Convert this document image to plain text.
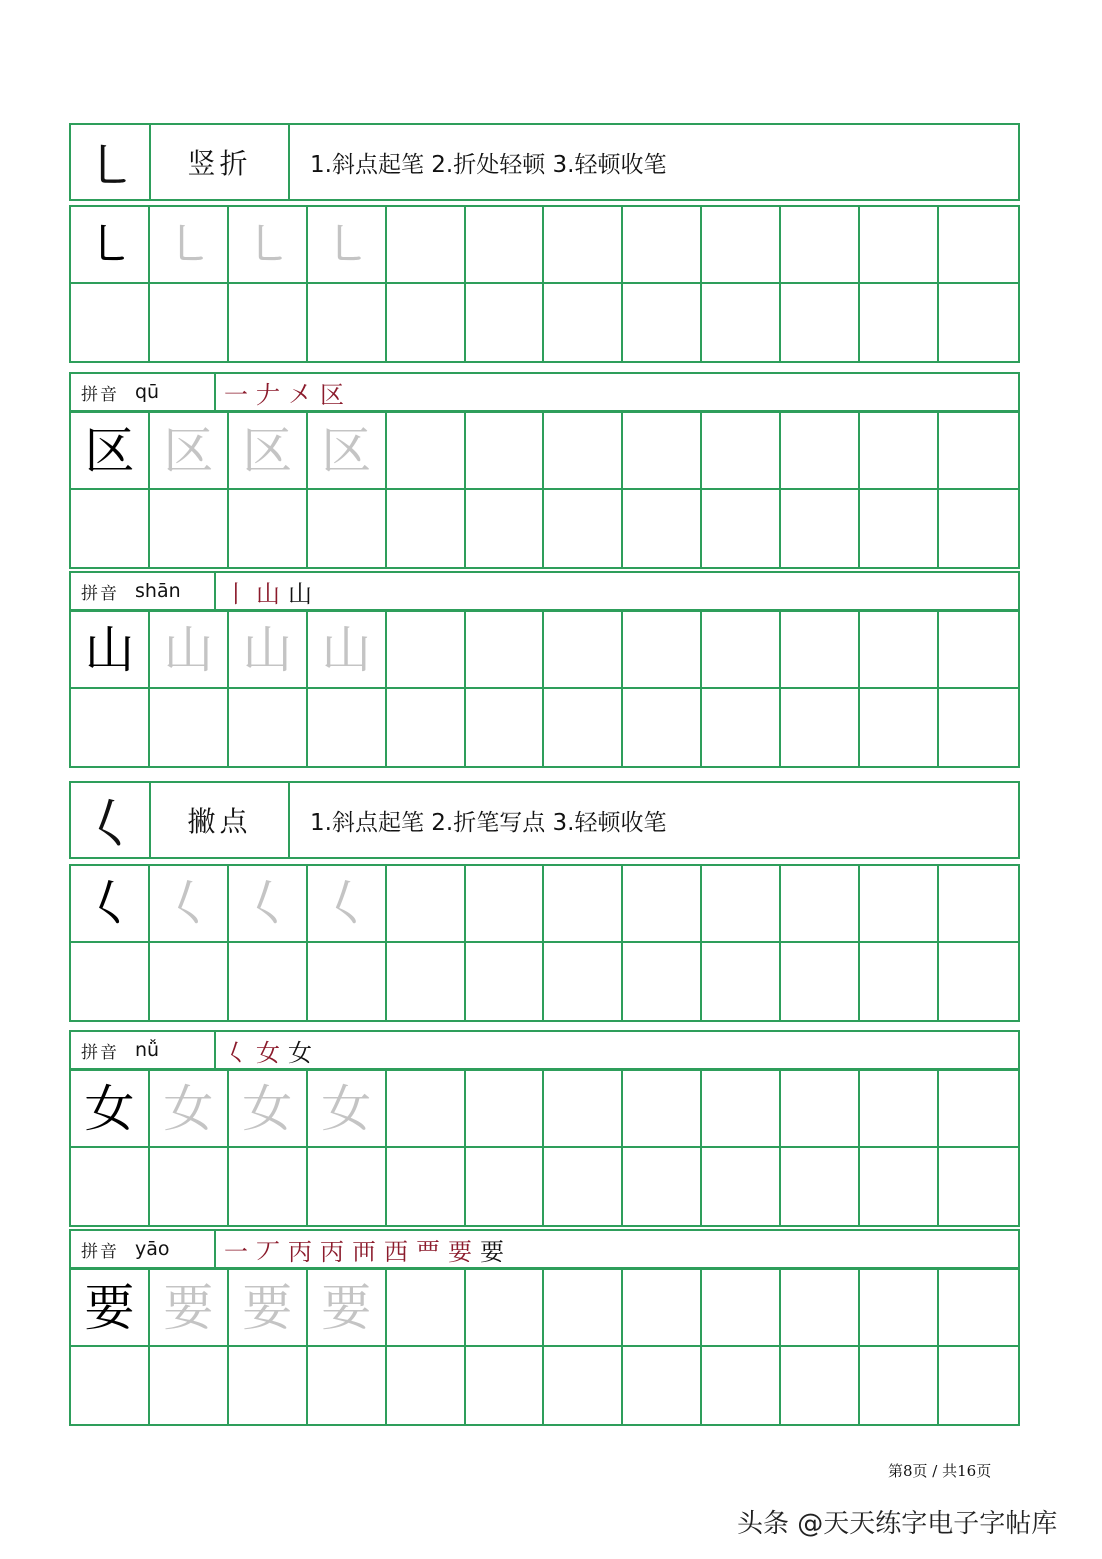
㇄	竖折	1.斜点起笔 2.折处轻顿 3.轻顿收笔
㇄ ㇄ ㇄ ㇄
拼音 qū	一 𠂇 㐅 区
区 区 区 区
拼音 shān 丨 山 山
山 山 山 山
𡿨	撇点	1.斜点起笔 2.折笔写点 3.轻顿收笔
𡿨 𡿨 𡿨 𡿨
拼音 nǚ	𡿨 女 女
女 女 女 女
拼音 yāo 一 丆 丙 丙 襾 西 覀 要 要
要 要 要 要
第8页 / 共16页
头条 @天天练字电子字帖库
